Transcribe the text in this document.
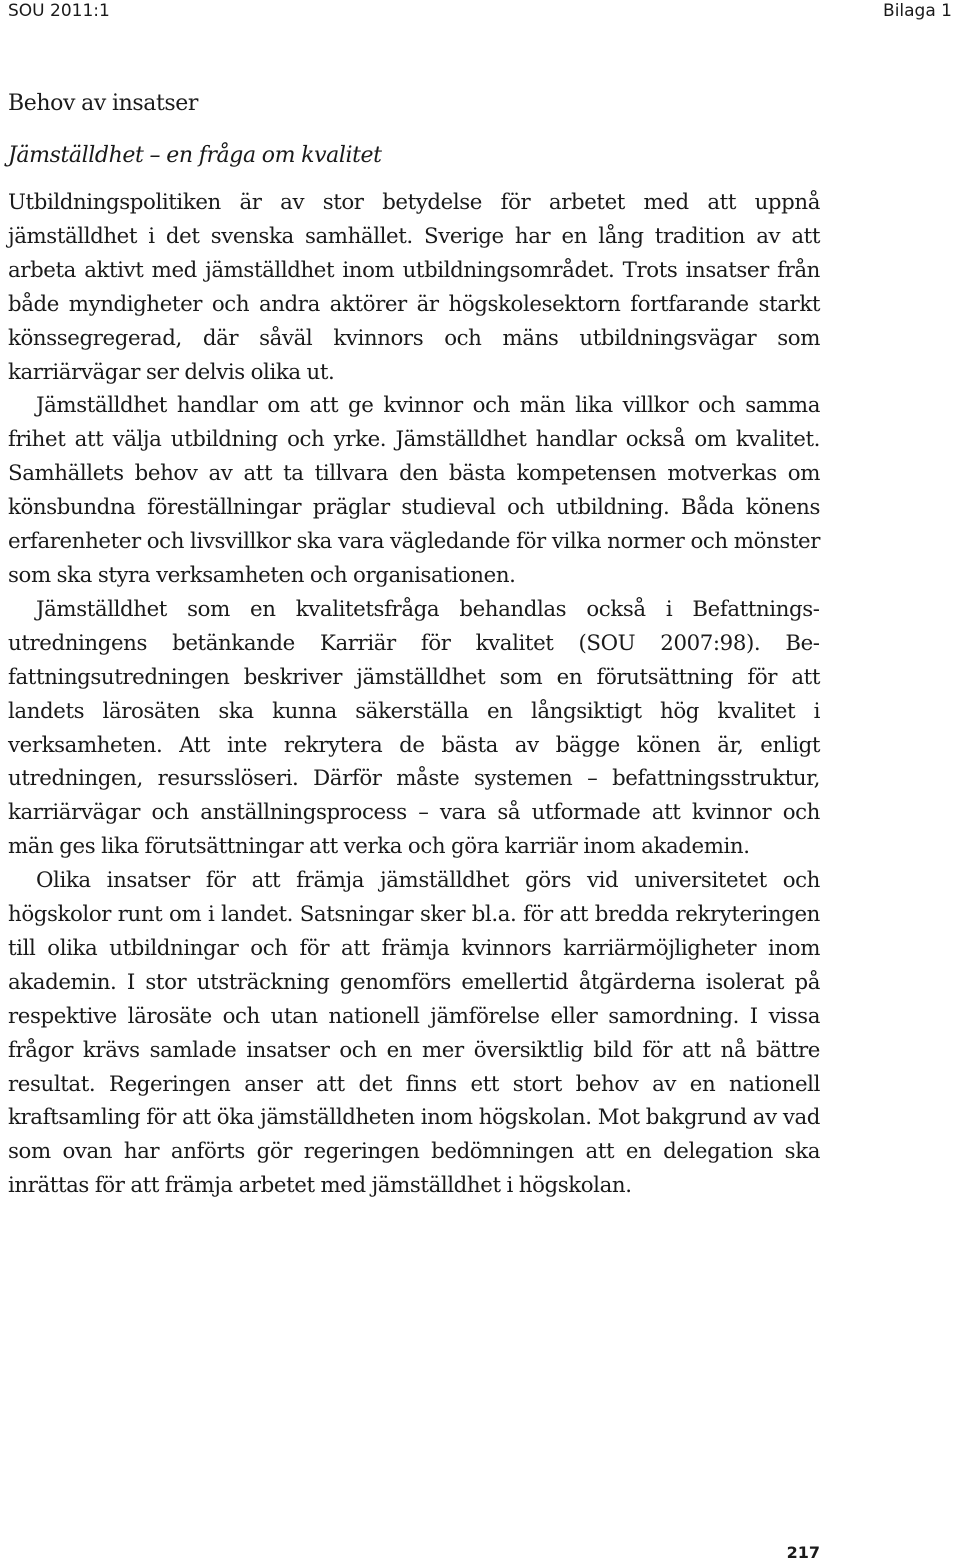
SOU 2011:1	Bilaga 1
Behov av insatser
Jämställdhet – en fråga om kvalitet

Utbildningspolitiken är av stor betydelse för arbetet med att uppnå jämställdhet i det svenska samhället. Sverige har en lång tradition av att arbeta aktivt med jämställdhet inom utbildningsområdet. Trots insatser från både myndigheter och andra aktörer är högskolesektorn fortfarande starkt könssegregerad, där såväl kvinnors och mäns utbildningsvägar som karriärvägar ser delvis olika ut.

Jämställdhet handlar om att ge kvinnor och män lika villkor och samma frihet att välja utbildning och yrke. Jämställdhet handlar också om kvalitet. Samhällets behov av att ta tillvara den bästa kompetensen motverkas om könsbundna föreställningar präglar studieval och utbildning. Båda könens erfarenheter och livsvillkor ska vara vägledande för vilka normer och mönster som ska styra verksamheten och organisationen.

Jämställdhet som en kvalitetsfråga behandlas också i Befattningsutredningens betänkande Karriär för kvalitet (SOU 2007:98). Befattningsutredningen beskriver jämställdhet som en förutsättning för att landets lärosäten ska kunna säkerställa en långsiktigt hög kvalitet i verksamheten. Att inte rekrytera de bästa av bägge könen är, enligt utredningen, resursslöseri. Därför måste systemen – befattningsstruktur, karriärvägar och anställningsprocess – vara så utformade att kvinnor och män ges lika förutsättningar att verka och göra karriär inom akademin.

Olika insatser för att främja jämställdhet görs vid universitetet och högskolor runt om i landet. Satsningar sker bl.a. för att bredda rekryteringen till olika utbildningar och för att främja kvinnors karriärmöjligheter inom akademin. I stor utsträckning genomförs emellertid åtgärderna isolerat på respektive lärosäte och utan nationell jämförelse eller samordning. I vissa frågor krävs samlade insatser och en mer översiktlig bild för att nå bättre resultat. Regeringen anser att det finns ett stort behov av en nationell kraftsamling för att öka jämställdheten inom högskolan. Mot bakgrund av vad som ovan har anförts gör regeringen bedömningen att en delegation ska inrättas för att främja arbetet med jämställdhet i högskolan.

217
